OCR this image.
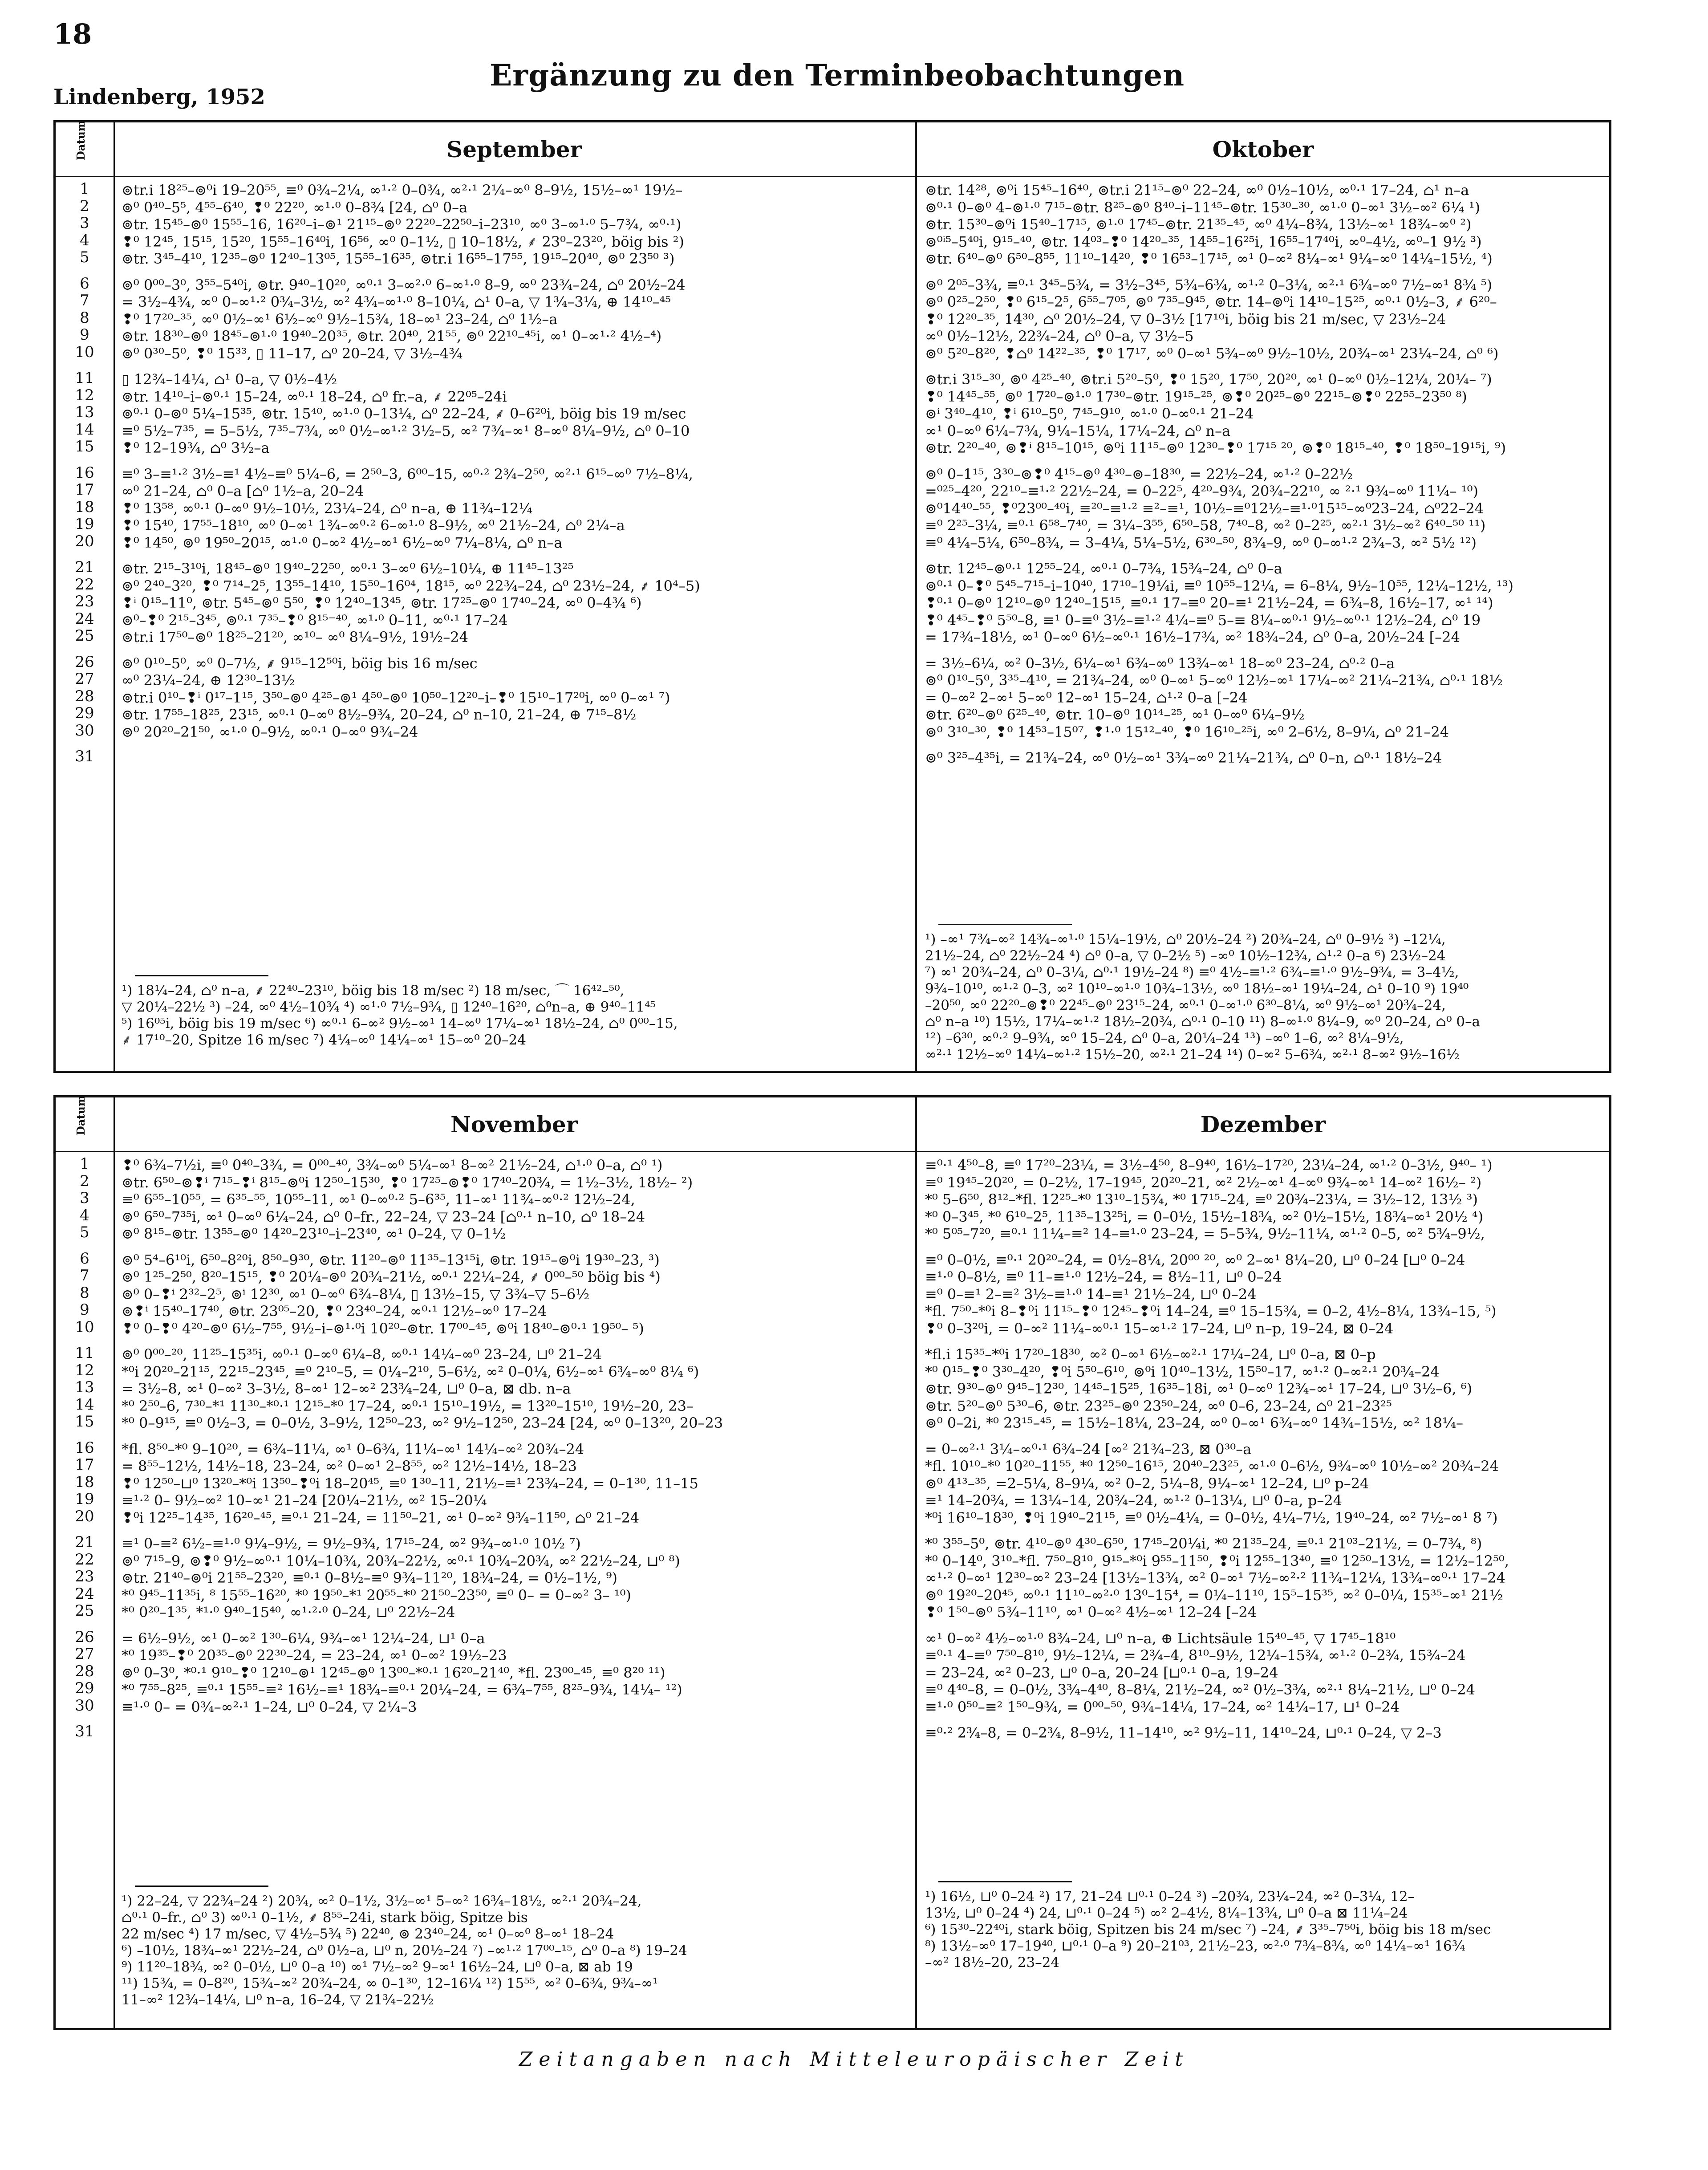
18
Lindenberg, 1952
Ergänzung zu den Terminbeobachtungen
Datum
1
2
3
4
5
6
7
8
9
10
11
12
13
14
15
16
17
18
19
20
21
22
23
24
25
26
27
28
29
30
31
September
⊚tr.i 18²⁵–⊚⁰i 19–20⁵⁵, ≡⁰ 0¾–2¼, ∞¹·² 0–0¾, ∞²·¹ 2¼–∞⁰ 8–9½, 15½–∞¹ 19½–
⊚⁰ 0⁴⁰–5⁵, 4⁵⁵–6⁴⁰, ❢⁰ 22²⁰, ∞¹·⁰ 0–8¾ [24, ⌂⁰ 0–a
⊚tr. 15⁴⁵–⊚⁰ 15⁵⁵–16, 16²⁰–i–⊚¹ 21¹⁵–⊚⁰ 22²⁰–22⁵⁰–i–23¹⁰, ∞⁰ 3–∞¹·⁰ 5–7¾, ∞⁰·¹)
❢⁰ 12⁴⁵, 15¹⁵, 15²⁰, 15⁵⁵–16⁴⁰i, 16⁵⁶, ∞⁰ 0–1½, ▯ 10–18½, ⸙ 23⁰–23²⁰, böig bis ²)
⊚tr. 3⁴⁵–4¹⁰, 12³⁵–⊚⁰ 12⁴⁰–13⁰⁵, 15⁵⁵–16³⁵, ⊚tr.i 16⁵⁵–17⁵⁵, 19¹⁵–20⁴⁰, ⊚⁰ 23⁵⁰ ³)
⊚⁰ 0⁰⁰–3⁰, 3⁵⁵–5⁴⁰i, ⊚tr. 9⁴⁰–10²⁰, ∞⁰·¹ 3–∞²·⁰ 6–∞¹·⁰ 8–9, ∞⁰ 23¾–24, ⌂⁰ 20½–24
= 3½–4¾, ∞⁰ 0–∞¹·² 0¾–3½, ∞² 4¾–∞¹·⁰ 8–10¼, ⌂¹ 0–a, ▽ 1¾–3¼, ⊕ 14¹⁰–⁴⁵
❢⁰ 17²⁰–³⁵, ∞⁰ 0½–∞¹ 6½–∞⁰ 9½–15¾, 18–∞¹ 23–24, ⌂⁰ 1½–a
⊚tr. 18³⁰–⊚⁰ 18⁴⁵–⊚¹·⁰ 19⁴⁰–20³⁵, ⊚tr. 20⁴⁰, 21⁵⁵, ⊚⁰ 22¹⁰–⁴⁵i, ∞¹ 0–∞¹·² 4½–⁴)
⊚⁰ 0³⁰–5⁰, ❢⁰ 15³³, ▯ 11–17, ⌂⁰ 20–24, ▽ 3½–4¾
▯ 12¾–14¼, ⌂¹ 0–a, ▽ 0½–4½
⊚tr. 14¹⁰–i–⊚⁰·¹ 15–24, ∞⁰·¹ 18–24, ⌂⁰ fr.–a, ⸙ 22⁰⁵–24i
⊚⁰·¹ 0–⊚⁰ 5¼–15³⁵, ⊚tr. 15⁴⁰, ∞¹·⁰ 0–13¼, ⌂⁰ 22–24, ⸙ 0–6²⁰i, böig bis 19 m/sec
≡⁰ 5½–7³⁵, = 5–5½, 7³⁵–7¾, ∞⁰ 0½–∞¹·² 3½–5, ∞² 7¾–∞¹ 8–∞⁰ 8¼–9½, ⌂⁰ 0–10
❢⁰ 12–19¾, ⌂⁰ 3½–a
≡⁰ 3–≡¹·² 3½–≡¹ 4½–≡⁰ 5¼–6, = 2⁵⁰–3, 6⁰⁰–15, ∞⁰·² 2¾–2⁵⁰, ∞²·¹ 6¹⁵–∞⁰ 7½–8¼,
∞⁰ 21–24, ⌂⁰ 0–a [⌂⁰ 1½–a, 20–24
❢⁰ 13⁵⁸, ∞⁰·¹ 0–∞⁰ 9½–10½, 23¼–24, ⌂⁰ n–a, ⊕ 11¾–12¼
❢⁰ 15⁴⁰, 17⁵⁵–18¹⁰, ∞⁰ 0–∞¹ 1¾–∞⁰·² 6–∞¹·⁰ 8–9½, ∞⁰ 21½–24, ⌂⁰ 2¼–a
❢⁰ 14⁵⁰, ⊚⁰ 19⁵⁰–20¹⁵, ∞¹·⁰ 0–∞² 4½–∞¹ 6½–∞⁰ 7¼–8¼, ⌂⁰ n–a
⊚tr. 2¹⁵–3¹⁰i, 18⁴⁵–⊚⁰ 19⁴⁰–22⁵⁰, ∞⁰·¹ 3–∞⁰ 6½–10¼, ⊕ 11⁴⁵–13²⁵
⊚⁰ 2⁴⁰–3²⁰, ❢⁰ 7¹⁴–2⁵, 13⁵⁵–14¹⁰, 15⁵⁰–16⁰⁴, 18¹⁵, ∞⁰ 22¾–24, ⌂⁰ 23½–24, ⸙ 10⁴–5)
❢ⁱ 0¹⁵–11⁰, ⊚tr. 5⁴⁵–⊚⁰ 5⁵⁰, ❢⁰ 12⁴⁰–13⁴⁵, ⊚tr. 17²⁵–⊚⁰ 17⁴⁰–24, ∞⁰ 0–4¾ ⁶)
⊚⁰–❢⁰ 2¹⁵–3⁴⁵, ⊚⁰·¹ 7³⁵–❢⁰ 8¹⁵⁻⁴⁰, ∞¹·⁰ 0–11, ∞⁰·¹ 17–24
⊚tr.i 17⁵⁰–⊚⁰ 18²⁵–21²⁰, ∞¹⁰– ∞⁰ 8¼–9½, 19½–24
⊚⁰ 0¹⁰–5⁰, ∞⁰ 0–7½, ⸙ 9¹⁵–12⁵⁰i, böig bis 16 m/sec
∞⁰ 23¼–24, ⊕ 12³⁰–13½
⊚tr.i 0¹⁰–❢ⁱ 0¹⁷–1¹⁵, 3⁵⁰–⊚⁰ 4²⁵–⊚¹ 4⁵⁰–⊚⁰ 10⁵⁰–12²⁰–i–❢⁰ 15¹⁰–17²⁰i, ∞⁰ 0–∞¹ ⁷)
⊚tr. 17⁵⁵–18²⁵, 23¹⁵, ∞⁰·¹ 0–∞⁰ 8½–9¾, 20–24, ⌂⁰ n–10, 21–24, ⊕ 7¹⁵–8½
⊚⁰ 20²⁰–21⁵⁰, ∞¹·⁰ 0–9½, ∞⁰·¹ 0–∞⁰ 9¾–24
¹) 18¼–24, ⌂⁰ n–a, ⸙ 22⁴⁰–23¹⁰, böig bis 18 m/sec ²) 18 m/sec, ⌒ 16⁴²–⁵⁰,
▽ 20¼–22½ ³) –24, ∞⁰ 4½–10¾ ⁴) ∞¹·⁰ 7½–9¾, ▯ 12⁴⁰–16²⁰, ⌂⁰n–a, ⊕ 9⁴⁰–11⁴⁵
⁵) 16⁰⁵i, böig bis 19 m/sec ⁶) ∞⁰·¹ 6–∞² 9½–∞¹ 14–∞⁰ 17¼–∞¹ 18½–24, ⌂⁰ 0⁰⁰–15,
⸙ 17¹⁰–20, Spitze 16 m/sec ⁷) 4¼–∞⁰ 14¼–∞¹ 15–∞⁰ 20–24
Oktober
⊚tr. 14²⁸, ⊚⁰i 15⁴⁵–16⁴⁰, ⊚tr.i 21¹⁵–⊚⁰ 22–24, ∞⁰ 0½–10½, ∞⁰·¹ 17–24, ⌂¹ n–a
⊚⁰·¹ 0–⊚⁰ 4–⊚¹·⁰ 7¹⁵–⊚tr. 8²⁵–⊚⁰ 8⁴⁰–i–11⁴⁵–⊚tr. 15³⁰–³⁰, ∞¹·⁰ 0–∞¹ 3½–∞² 6¼ ¹)
⊚tr. 15³⁰–⊚⁰i 15⁴⁰–17¹⁵, ⊚¹·⁰ 17⁴⁵–⊚tr. 21³⁵–⁴⁵, ∞⁰ 4¼–8¾, 13½–∞¹ 18¾–∞⁰ ²)
⊚⁰ⁱ⁵–5⁴⁰i, 9¹⁵–⁴⁰, ⊚tr. 14⁰³–❢⁰ 14²⁰–³⁵, 14⁵⁵–16²⁵i, 16⁵⁵–17⁴⁰i, ∞⁰–4½, ∞⁰–1 9½ ³)
⊚tr. 6⁴⁰–⊚⁰ 6⁵⁰–8⁵⁵, 11¹⁰–14²⁰, ❢⁰ 16⁵³–17¹⁵, ∞¹ 0–∞² 8¼–∞¹ 9¼–∞⁰ 14¼–15½, ⁴)
⊚⁰ 2⁰⁵–3¾, ≡⁰·¹ 3⁴⁵–5¾, = 3½–3⁴⁵, 5¾–6¾, ∞¹·² 0–3¼, ∞²·¹ 6¾–∞⁰ 7½–∞¹ 8¾ ⁵)
⊚⁰ 0²⁵–2⁵⁰, ❢⁰ 6¹⁵–2⁵, 6⁵⁵–7⁰⁵, ⊚⁰ 7³⁵–9⁴⁵, ⊚tr. 14–⊚⁰i 14¹⁰–15²⁵, ∞⁰·¹ 0½–3, ⸙ 6²⁰–
❢⁰ 12²⁰–³⁵, 14³⁰, ⌂⁰ 20½–24, ▽ 0–3½ [17¹⁰i, böig bis 21 m/sec, ▽ 23½–24
∞⁰ 0½–12½, 22¾–24, ⌂⁰ 0–a, ▽ 3½–5
⊚⁰ 5²⁰–8²⁰, ❢⌂⁰ 14²²–³⁵, ❢⁰ 17¹⁷, ∞⁰ 0–∞¹ 5¾–∞⁰ 9½–10½, 20¾–∞¹ 23¼–24, ⌂⁰ ⁶)
⊚tr.i 3¹⁵–³⁰, ⊚⁰ 4²⁵–⁴⁰, ⊚tr.i 5²⁰–5⁰, ❢⁰ 15²⁰, 17⁵⁰, 20²⁰, ∞¹ 0–∞⁰ 0½–12¼, 20¼– ⁷)
❢⁰ 14⁴⁵–⁵⁵, ⊚⁰ 17²⁰–⊚¹·⁰ 17³⁰–⊚tr. 19¹⁵–²⁵, ⊚❢⁰ 20²⁵–⊚⁰ 22¹⁵–⊚❢⁰ 22⁵⁵–23⁵⁰ ⁸)
⊚ⁱ 3⁴⁰–4¹⁰, ❢ⁱ 6¹⁰–5⁰, 7⁴⁵–9¹⁰, ∞¹·⁰ 0–∞⁰·¹ 21–24
∞¹ 0–∞⁰ 6¼–7¾, 9¼–15¼, 17¼–24, ⌂⁰ n–a
⊚tr. 2²⁰–⁴⁰, ⊚❢ⁱ 8¹⁵–10¹⁵, ⊚⁰i 11¹⁵–⊚⁰ 12³⁰–❢⁰ 17¹⁵ ²⁰, ⊚❢⁰ 18¹⁵–⁴⁰, ❢⁰ 18⁵⁰–19¹⁵i, ⁹)
⊚⁰ 0–1¹⁵, 3³⁰–⊚❢⁰ 4¹⁵–⊚⁰ 4³⁰–⊚–18³⁰, = 22½–24, ∞¹·² 0–22½
=⁰²⁵–4²⁰, 22¹⁰–≡¹·² 22½–24, = 0–22⁵, 4²⁰–9¾, 20¾–22¹⁰, ∞ ²·¹ 9¾–∞⁰ 11¼– ¹⁰)
⊚⁰14⁴⁰–⁵⁵, ❢⁰23⁰⁰–⁴⁰i, ≡²⁰–≡¹·² ≡²–≡¹, 10½–≡⁰12½–≡¹·⁰15¹⁵–∞⁰23–24, ⌂⁰22–24
≡⁰ 2²⁵–3¼, ≡⁰·¹ 6⁵⁸–7⁴⁰, = 3¼–3⁵⁵, 6⁵⁰–58, 7⁴⁰–8, ∞² 0–2²⁵, ∞²·¹ 3½–∞² 6⁴⁰–⁵⁰ ¹¹)
≡⁰ 4¼–5¼, 6⁵⁰–8¾, = 3–4¼, 5¼–5½, 6³⁰–⁵⁰, 8¾–9, ∞⁰ 0–∞¹·² 2¾–3, ∞² 5½ ¹²)
⊚tr. 12⁴⁵–⊚⁰·¹ 12⁵⁵–24, ∞⁰·¹ 0–7¾, 15¾–24, ⌂⁰ 0–a
⊚⁰·¹ 0–❢⁰ 5⁴⁵–7¹⁵–i–10⁴⁰, 17¹⁰–19¼i, ≡⁰ 10⁵⁵–12¼, = 6–8¼, 9½–10⁵⁵, 12¼–12½, ¹³)
❢⁰·¹ 0–⊚⁰ 12¹⁰–⊚⁰ 12⁴⁰–15¹⁵, ≡⁰·¹ 17–≡⁰ 20–≡¹ 21½–24, = 6¾–8, 16½–17, ∞¹ ¹⁴)
❢⁰ 4⁴⁵–❢⁰ 5⁵⁰–8, ≡¹ 0–≡⁰ 3½–≡¹·² 4¼–≡⁰ 5–≡ 8¼–∞⁰·¹ 9½–∞⁰·¹ 12½–24, ⌂⁰ 19
= 17¾–18½, ∞¹ 0–∞⁰ 6½–∞⁰·¹ 16½–17¾, ∞² 18¾–24, ⌂⁰ 0–a, 20½–24 [–24
= 3½–6¼, ∞² 0–3½, 6¼–∞¹ 6¾–∞⁰ 13¾–∞¹ 18–∞⁰ 23–24, ⌂⁰·² 0–a
⊚⁰ 0¹⁰–5⁰, 3³⁵–4¹⁰, = 21¾–24, ∞⁰ 0–∞¹ 5–∞⁰ 12½–∞¹ 17¼–∞² 21¼–21¾, ⌂⁰·¹ 18½
= 0–∞² 2–∞¹ 5–∞⁰ 12–∞¹ 15–24, ⌂¹·² 0–a [–24
⊚tr. 6²⁰–⊚⁰ 6²⁵–⁴⁰, ⊚tr. 10–⊚⁰ 10¹⁴–²⁵, ∞¹ 0–∞⁰ 6¼–9½
⊚⁰ 3¹⁰–³⁰, ❢⁰ 14⁵³–15⁰⁷, ❢¹·⁰ 15¹²–⁴⁰, ❢⁰ 16¹⁰–²⁵i, ∞⁰ 2–6½, 8–9¼, ⌂⁰ 21–24
⊚⁰ 3²⁵–4³⁵i, = 21¾–24, ∞⁰ 0½–∞¹ 3¾–∞⁰ 21¼–21¾, ⌂⁰ 0–n, ⌂⁰·¹ 18½–24
¹) –∞¹ 7¾–∞² 14¾–∞¹·⁰ 15¼–19½, ⌂⁰ 20½–24 ²) 20¾–24, ⌂⁰ 0–9½ ³) –12¼,
21½–24, ⌂⁰ 22½–24 ⁴) ⌂⁰ 0–a, ▽ 0–2½ ⁵) –∞⁰ 10½–12¾, ⌂¹·² 0–a ⁶) 23½–24
⁷) ∞¹ 20¾–24, ⌂⁰ 0–3¼, ⌂⁰·¹ 19½–24 ⁸) ≡⁰ 4½–≡¹·² 6¾–≡¹·⁰ 9½–9¾, = 3–4½,
9¾–10¹⁰, ∞¹·² 0–3, ∞² 10¹⁰–∞¹·⁰ 10¾–13½, ∞⁰ 18½–∞¹ 19¼–24, ⌂¹ 0–10 ⁹) 19⁴⁰
–20⁵⁰, ∞⁰ 22²⁰–⊚❢⁰ 22⁴⁵–⊚⁰ 23¹⁵–24, ∞⁰·¹ 0–∞¹·⁰ 6³⁰–8¼, ∞⁰ 9½–∞¹ 20¾–24,
⌂⁰ n–a ¹⁰) 15½, 17¼–∞¹·² 18½–20¾, ⌂⁰·¹ 0–10 ¹¹) 8–∞¹·⁰ 8¼–9, ∞⁰ 20–24, ⌂⁰ 0–a
¹²) –6³⁰, ∞⁰·² 9–9¾, ∞⁰ 15–24, ⌂⁰ 0–a, 20¼–24 ¹³) –∞⁰ 1–6, ∞² 8¼–9½,
∞²·¹ 12½–∞⁰ 14¼–∞¹·² 15½–20, ∞²·¹ 21–24 ¹⁴) 0–∞² 5–6¾, ∞²·¹ 8–∞² 9½–16½
Datum
1
2
3
4
5
6
7
8
9
10
11
12
13
14
15
16
17
18
19
20
21
22
23
24
25
26
27
28
29
30
31
November
❢⁰ 6¾–7½i, ≡⁰ 0⁴⁰–3¾, = 0⁰⁰–⁴⁰, 3¾–∞⁰ 5¼–∞¹ 8–∞² 21½–24, ⌂¹·⁰ 0–a, ⌂⁰ ¹)
⊚tr. 6⁵⁰–⊚❢ⁱ 7¹⁵–❢ⁱ 8¹⁵–⊚⁰i 12⁵⁰–15³⁰, ❢⁰ 17²⁵–⊚❢⁰ 17⁴⁰–20¾, = 1½–3½, 18½– ²)
≡⁰ 6⁵⁵–10⁵⁵, = 6³⁵–⁵⁵, 10⁵⁵–11, ∞¹ 0–∞⁰·² 5–6³⁵, 11–∞¹ 11¾–∞⁰·² 12½–24,
⊚⁰ 6⁵⁰–7³⁵i, ∞¹ 0–∞⁰ 6¼–24, ⌂⁰ 0–fr., 22–24, ▽ 23–24 [⌂⁰·¹ n–10, ⌂⁰ 18–24
⊚⁰ 8¹⁵–⊚tr. 13⁵⁵–⊚⁰ 14²⁰–23¹⁰–i–23⁴⁰, ∞¹ 0–24, ▽ 0–1½
⊚⁰ 5⁴–6¹⁰i, 6⁵⁰–8²⁰i, 8⁵⁰–9³⁰, ⊚tr. 11²⁰–⊚⁰ 11³⁵–13¹⁵i, ⊚tr. 19¹⁵–⊚⁰i 19³⁰–23, ³)
⊚⁰ 1²⁵–2⁵⁰, 8²⁰–15¹⁵, ❢⁰ 20¼–⊚⁰ 20¾–21½, ∞⁰·¹ 22¼–24, ⸙ 0⁰⁰–⁵⁰ böig bis ⁴)
⊚⁰ 0–❢ⁱ 2³²–2⁵, ⊚ⁱ 12³⁰, ∞¹ 0–∞⁰ 6¾–8¼, ▯ 13½–15, ▽ 3¾–▽ 5–6½
⊚❢ⁱ 15⁴⁰–17⁴⁰, ⊚tr. 23⁰⁵–20, ❢⁰ 23⁴⁰–24, ∞⁰·¹ 12½–∞⁰ 17–24
❢⁰ 0–❢⁰ 4²⁰–⊚⁰ 6½–7⁵⁵, 9½–i–⊚¹·⁰i 10²⁰–⊚tr. 17⁰⁰–⁴⁵, ⊚⁰i 18⁴⁰–⊚⁰·¹ 19⁵⁰– ⁵)
⊚⁰ 0⁰⁰–²⁰, 11²⁵–15³⁵i, ∞⁰·¹ 0–∞⁰ 6¼–8, ∞⁰·¹ 14¼–∞⁰ 23–24, ⊔⁰ 21–24
*⁰i 20²⁰–21¹⁵, 22¹⁵–23⁴⁵, ≡⁰ 2¹⁰–5, = 0¼–2¹⁰, 5–6½, ∞² 0–0¼, 6½–∞¹ 6¾–∞⁰ 8¼ ⁶)
= 3½–8, ∞¹ 0–∞² 3–3½, 8–∞¹ 12–∞² 23¾–24, ⊔⁰ 0–a, ⊠ db. n–a
*⁰ 2⁵⁰–6, 7³⁰–*¹ 11³⁰–*⁰·¹ 12¹⁵–*⁰ 17–24, ∞⁰·¹ 15¹⁰–19½, = 13²⁰–15¹⁰, 19½–20, 23–
*⁰ 0–9¹⁵, ≡⁰ 0½–3, = 0–0½, 3–9½, 12⁵⁰–23, ∞² 9½–12⁵⁰, 23–24 [24, ∞⁰ 0–13²⁰, 20–23
*fl. 8⁵⁰–*⁰ 9–10²⁰, = 6¾–11¼, ∞¹ 0–6¾, 11¼–∞¹ 14¼–∞² 20¾–24
= 8⁵⁵–12½, 14½–18, 23–24, ∞² 0–∞¹ 2–8⁵⁵, ∞² 12½–14½, 18–23
❢⁰ 12⁵⁰–⊔⁰ 13²⁰–*⁰i 13⁵⁰–❢⁰i 18–20⁴⁵, ≡⁰ 1³⁰–11, 21½–≡¹ 23¾–24, = 0–1³⁰, 11–15
≡¹·² 0– 9½–∞² 10–∞¹ 21–24 [20¼–21½, ∞² 15–20¼
❢⁰i 12²⁵–14³⁵, 16²⁰–⁴⁵, ≡⁰·¹ 21–24, = 11⁵⁰–21, ∞¹ 0–∞² 9¾–11⁵⁰, ⌂⁰ 21–24
≡¹ 0–≡² 6½–≡¹·⁰ 9¼–9½, = 9½–9¾, 17¹⁵–24, ∞² 9¾–∞¹·⁰ 10½ ⁷)
⊚⁰ 7¹⁵–9, ⊚❢⁰ 9½–∞⁰·¹ 10¼–10¾, 20¾–22½, ∞⁰·¹ 10¾–20¾, ∞² 22½–24, ⊔⁰ ⁸)
⊚tr. 21⁴⁰–⊚⁰i 21⁵⁵–23²⁰, ≡⁰·¹ 0–8½–≡⁰ 9¾–11²⁰, 18¾–24, = 0½–1½, ⁹)
*⁰ 9⁴⁵–11³⁵i, ⁸ 15⁵⁵–16²⁰, *⁰ 19⁵⁰–*¹ 20⁵⁵–*⁰ 21⁵⁰–23⁵⁰, ≡⁰ 0– = 0–∞² 3– ¹⁰)
*⁰ 0²⁰–1³⁵, *¹·⁰ 9⁴⁰–15⁴⁰, ∞¹·²·⁰ 0–24, ⊔⁰ 22½–24
= 6½–9½, ∞¹ 0–∞² 1³⁰–6¼, 9¾–∞¹ 12¼–24, ⊔¹ 0–a
*⁰ 19³⁵–❢⁰ 20³⁵–⊚⁰ 22³⁰–24, = 23–24, ∞¹ 0–∞² 19½–23
⊚⁰ 0–3⁰, *⁰·¹ 9¹⁰–❢⁰ 12¹⁰–⊚¹ 12⁴⁵–⊚⁰ 13⁰⁰–*⁰·¹ 16²⁰–21⁴⁰, *fl. 23⁰⁰–⁴⁵, ≡⁰ 8²⁰ ¹¹)
*⁰ 7⁵⁵–8²⁵, ≡⁰·¹ 15⁵⁵–≡² 16½–≡¹ 18¾–≡⁰·¹ 20¼–24, = 6¾–7⁵⁵, 8²⁵–9¾, 14¼– ¹²)
≡¹·⁰ 0– = 0¾–∞²·¹ 1–24, ⊔⁰ 0–24, ▽ 2¼–3
¹) 22–24, ▽ 22¾–24 ²) 20¾, ∞² 0–1½, 3½–∞¹ 5–∞² 16¾–18½, ∞²·¹ 20¾–24,
⌂⁰·¹ 0–fr., ⌂⁰ 3) ∞⁰·¹ 0–1½, ⸙ 8⁵⁵–24i, stark böig, Spitze bis
22 m/sec ⁴) 17 m/sec, ▽ 4½–5¾ ⁵) 22⁴⁰, ⊚ 23⁴⁰–24, ∞¹ 0–∞⁰ 8–∞¹ 18–24
⁶) –10½, 18¾–∞¹ 22½–24, ⌂⁰ 0½–a, ⊔⁰ n, 20½–24 ⁷) –∞¹·² 17⁰⁰–¹⁵, ⌂⁰ 0–a ⁸) 19–24
⁹) 11²⁰–18¾, ∞² 0–0½, ⊔⁰ 0–a ¹⁰) ∞¹ 7½–∞² 9–∞¹ 16½–24, ⊔⁰ 0–a, ⊠ ab 19
¹¹) 15¾, = 0–8²⁰, 15¾–∞² 20¾–24, ∞ 0–1³⁰, 12–16¼ ¹²) 15⁵⁵, ∞² 0–6¾, 9¾–∞¹
11–∞² 12¾–14¼, ⊔⁰ n–a, 16–24, ▽ 21¾–22½
Dezember
≡⁰·¹ 4⁵⁰–8, ≡⁰ 17²⁰–23¼, = 3½–4⁵⁰, 8–9⁴⁰, 16½–17²⁰, 23¼–24, ∞¹·² 0–3½, 9⁴⁰– ¹)
≡⁰ 19⁴⁵–20²⁰, = 0–2½, 17–19⁴⁵, 20²⁰–21, ∞² 2½–∞¹ 4–∞⁰ 9¾–∞¹ 14–∞² 16½– ²)
*⁰ 5–6⁵⁰, 8¹²–*fl. 12²⁵–*⁰ 13¹⁰–15¾, *⁰ 17¹⁵–24, ≡⁰ 20¾–23¼, = 3½–12, 13½ ³)
*⁰ 0–3⁴⁵, *⁰ 6¹⁰–2⁵, 11³⁵–13²⁵i, = 0–0½, 15½–18¾, ∞² 0½–15½, 18¾–∞¹ 20½ ⁴)
*⁰ 5⁰⁵–7²⁰, ≡⁰·¹ 11¼–≡² 14–≡¹·⁰ 23–24, = 5–5¾, 9½–11¼, ∞¹·² 0–5, ∞² 5¾–9½,
≡⁰ 0–0½, ≡⁰·¹ 20²⁰–24, = 0½–8¼, 20⁰⁰ ²⁰, ∞⁰ 2–∞¹ 8¼–20, ⊔⁰ 0–24 [⊔⁰ 0–24
≡¹·⁰ 0–8½, ≡⁰ 11–≡¹·⁰ 12½–24, = 8½–11, ⊔⁰ 0–24
≡⁰ 0–≡¹ 2–≡² 3½–≡¹·⁰ 14–≡¹ 21½–24, ⊔⁰ 0–24
*fl. 7⁵⁰–*⁰i 8–❢⁰i 11¹⁵–❢⁰ 12⁴⁵–❢⁰i 14–24, ≡⁰ 15–15¾, = 0–2, 4½–8¼, 13¾–15, ⁵)
❢⁰ 0–3²⁰i, = 0–∞² 11¼–∞⁰·¹ 15–∞¹·² 17–24, ⊔⁰ n–p, 19–24, ⊠ 0–24
*fl.i 15³⁵–*⁰i 17²⁰–18³⁰, ∞² 0–∞¹ 6½–∞²·¹ 17¼–24, ⊔⁰ 0–a, ⊠ 0–p
*⁰ 0¹⁵–❢⁰ 3³⁰–4²⁰, ❢⁰i 5⁵⁰–6¹⁰, ⊚⁰i 10⁴⁰–13½, 15⁵⁰–17, ∞¹·² 0–∞²·¹ 20¾–24
⊚tr. 9³⁰–⊚⁰ 9⁴⁵–12³⁰, 14⁴⁵–15²⁵, 16³⁵–18i, ∞¹ 0–∞⁰ 12¾–∞¹ 17–24, ⊔⁰ 3½–6, ⁶)
⊚tr. 5²⁰–⊚⁰ 5³⁰–6, ⊚tr. 23²⁵–⊚⁰ 23⁵⁰–24, ∞⁰ 0–6, 23–24, ⌂⁰ 21–23²⁵
⊚⁰ 0–2i, *⁰ 23¹⁵–⁴⁵, = 15½–18¼, 23–24, ∞⁰ 0–∞¹ 6¾–∞⁰ 14¾–15½, ∞² 18¼–
= 0–∞²·¹ 3¼–∞⁰·¹ 6¾–24 [∞² 21¾–23, ⊠ 0³⁰–a
*fl. 10¹⁰–*⁰ 10²⁰–11⁵⁵, *⁰ 12⁵⁰–16¹⁵, 20⁴⁰–23²⁵, ∞¹·⁰ 0–6½, 9¾–∞⁰ 10½–∞² 20¾–24
⊚⁰ 4¹³–³⁵, =2–5¼, 8–9¼, ∞² 0–2, 5¼–8, 9¼–∞¹ 12–24, ⊔⁰ p–24
≡¹ 14–20¾, = 13¼–14, 20¾–24, ∞¹·² 0–13¼, ⊔⁰ 0–a, p–24
*⁰i 16¹⁰–18³⁰, ❢⁰i 19⁴⁰–21¹⁵, ≡⁰ 0½–4¼, = 0–0½, 4¼–7½, 19⁴⁰–24, ∞² 7½–∞¹ 8 ⁷)
*⁰ 3⁵⁵–5⁰, ⊚tr. 4¹⁰–⊚⁰ 4³⁰–6⁵⁰, 17⁴⁵–20¼i, *⁰ 21³⁵–24, ≡⁰·¹ 21⁰³–21½, = 0–7¾, ⁸)
*⁰ 0–14⁰, 3¹⁰–*fl. 7⁵⁰–8¹⁰, 9¹⁵–*⁰i 9⁵⁵–11⁵⁰, ❢⁰i 12⁵⁵–13⁴⁰, ≡⁰ 12⁵⁰–13½, = 12½–12⁵⁰,
∞¹·² 0–∞¹ 12³⁰–∞² 23–24 [13½–13¾, ∞² 0–∞¹ 7½–∞²·² 11¾–12¼, 13¾–∞⁰·¹ 17–24
⊚⁰ 19²⁰–20⁴⁵, ∞⁰·¹ 11¹⁰–∞²·⁰ 13⁰–15⁴, = 0¼–11¹⁰, 15⁵–15³⁵, ∞² 0–0¼, 15³⁵–∞¹ 21½
❢⁰ 1⁵⁰–⊚⁰ 5¾–11¹⁰, ∞¹ 0–∞² 4½–∞¹ 12–24 [–24
∞¹ 0–∞² 4½–∞¹·⁰ 8¾–24, ⊔⁰ n–a, ⊕ Lichtsäule 15⁴⁰–⁴⁵, ▽ 17⁴⁵–18¹⁰
≡⁰·¹ 4–≡⁰ 7⁵⁰–8¹⁰, 9½–12¼, = 2¾–4, 8¹⁰–9½, 12¼–15¾, ∞¹·² 0–2¾, 15¾–24
= 23–24, ∞² 0–23, ⊔⁰ 0–a, 20–24 [⊔⁰·¹ 0–a, 19–24
≡⁰ 4⁴⁰–8, = 0–0½, 3¾–4⁴⁰, 8–8¼, 21½–24, ∞² 0½–3¾, ∞²·¹ 8¼–21½, ⊔⁰ 0–24
≡¹·⁰ 0⁵⁰–≡² 1⁵⁰–9¾, = 0⁰⁰–⁵⁰, 9¾–14¼, 17–24, ∞² 14¼–17, ⊔¹ 0–24
≡⁰·² 2¾–8, = 0–2¾, 8–9½, 11–14¹⁰, ∞² 9½–11, 14¹⁰–24, ⊔⁰·¹ 0–24, ▽ 2–3
¹) 16½, ⊔⁰ 0–24 ²) 17, 21–24 ⊔⁰·¹ 0–24 ³) –20¾, 23¼–24, ∞² 0–3¼, 12–
13½, ⊔⁰ 0–24 ⁴) 24, ⊔⁰·¹ 0–24 ⁵) ∞² 2–4½, 8¼–13¾, ⊔⁰ 0–a ⊠ 11¼–24
⁶) 15³⁰–22⁴⁰i, stark böig, Spitzen bis 24 m/sec ⁷) –24, ⸙ 3³⁵–7⁵⁰i, böig bis 18 m/sec
⁸) 13½–∞⁰ 17–19⁴⁰, ⊔⁰·¹ 0–a ⁹) 20–21⁰³, 21½–23, ∞²·⁰ 7¾–8¾, ∞⁰ 14¼–∞¹ 16¾
–∞² 18½–20, 23–24
Zeitangaben nach Mitteleuropäischer Zeit
